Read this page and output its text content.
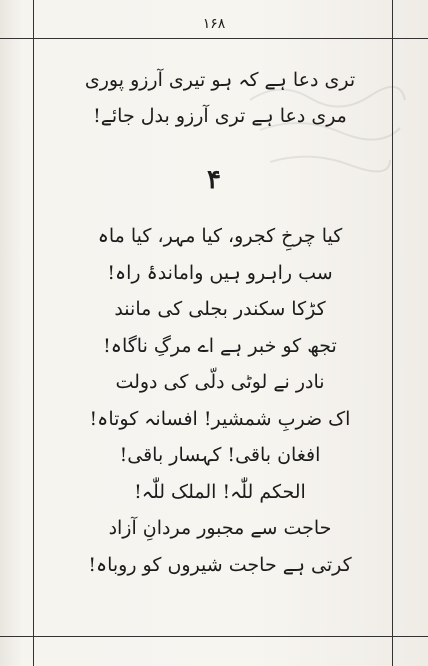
۱۶۸
تری دعا ہے کہ ہو تیری آرزو پوری
مری دعا ہے تری آرزو بدل جائے!
۴
کیا چرخِ کجرو، کیا مہر، کیا ماہ
سب راہرو ہیں واماندۂ راہ!
کڑکا سکندر بجلی کی مانند
تجھ کو خبر ہے اے مرگِ ناگاہ!
نادر نے لوٹی دلّی کی دولت
اک ضربِ شمشیر! افسانہ کوتاہ!
افغان باقی! کہسار باقی!
الحکم للّٰہ! الملک للّٰہ!
حاجت سے مجبور مردانِ آزاد
کرتی ہے حاجت شیروں کو روباہ!
